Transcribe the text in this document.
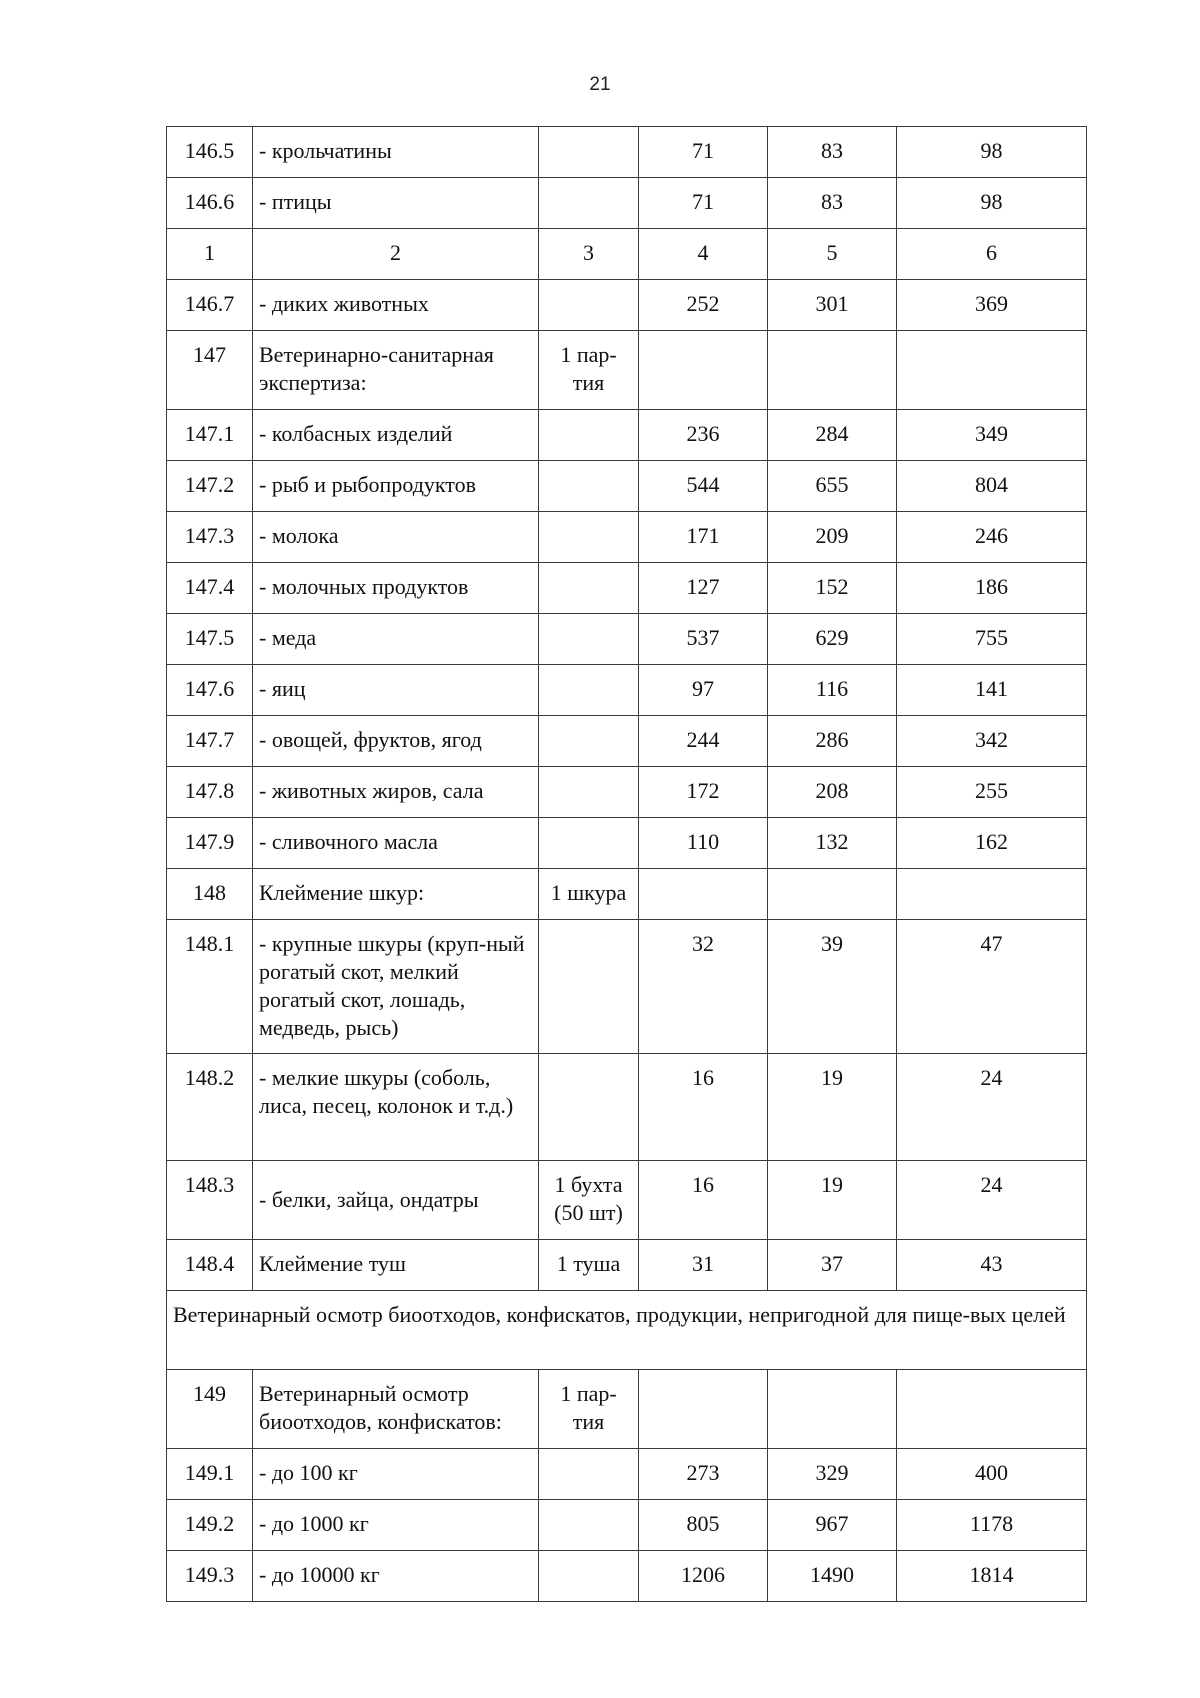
21
146.5	- крольчатины		71	83	98
146.6	- птицы		71	83	98
1	2	3	4	5	6
146.7	- диких животных		252	301	369
147	Ветеринарно-санитарная экспертиза:	1 пар-тия			
147.1	- колбасных изделий		236	284	349
147.2	- рыб и рыбопродуктов		544	655	804
147.3	- молока		171	209	246
147.4	- молочных продуктов		127	152	186
147.5	- меда		537	629	755
147.6	- яиц		97	116	141
147.7	- овощей, фруктов, ягод		244	286	342
147.8	- животных жиров, сала		172	208	255
147.9	- сливочного масла		110	132	162
148	Клеймение шкур:	1 шкура			
148.1	- крупные шкуры (круп-ный рогатый скот, мелкий рогатый скот, лошадь, медведь, рысь)		32	39	47
148.2	- мелкие шкуры (соболь, лиса, песец, колонок и т.д.)		16	19	24
148.3	- белки, зайца, ондатры	1 бухта (50 шт)	16	19	24
148.4	Клеймение туш	1 туша	31	37	43
Ветеринарный осмотр биоотходов, конфискатов, продукции, непригодной для пище-вых целей					
149	Ветеринарный осмотр биоотходов, конфискатов:	1 пар-тия			
149.1	- до 100 кг		273	329	400
149.2	- до 1000 кг		805	967	1178
149.3	- до 10000 кг		1206	1490	1814
